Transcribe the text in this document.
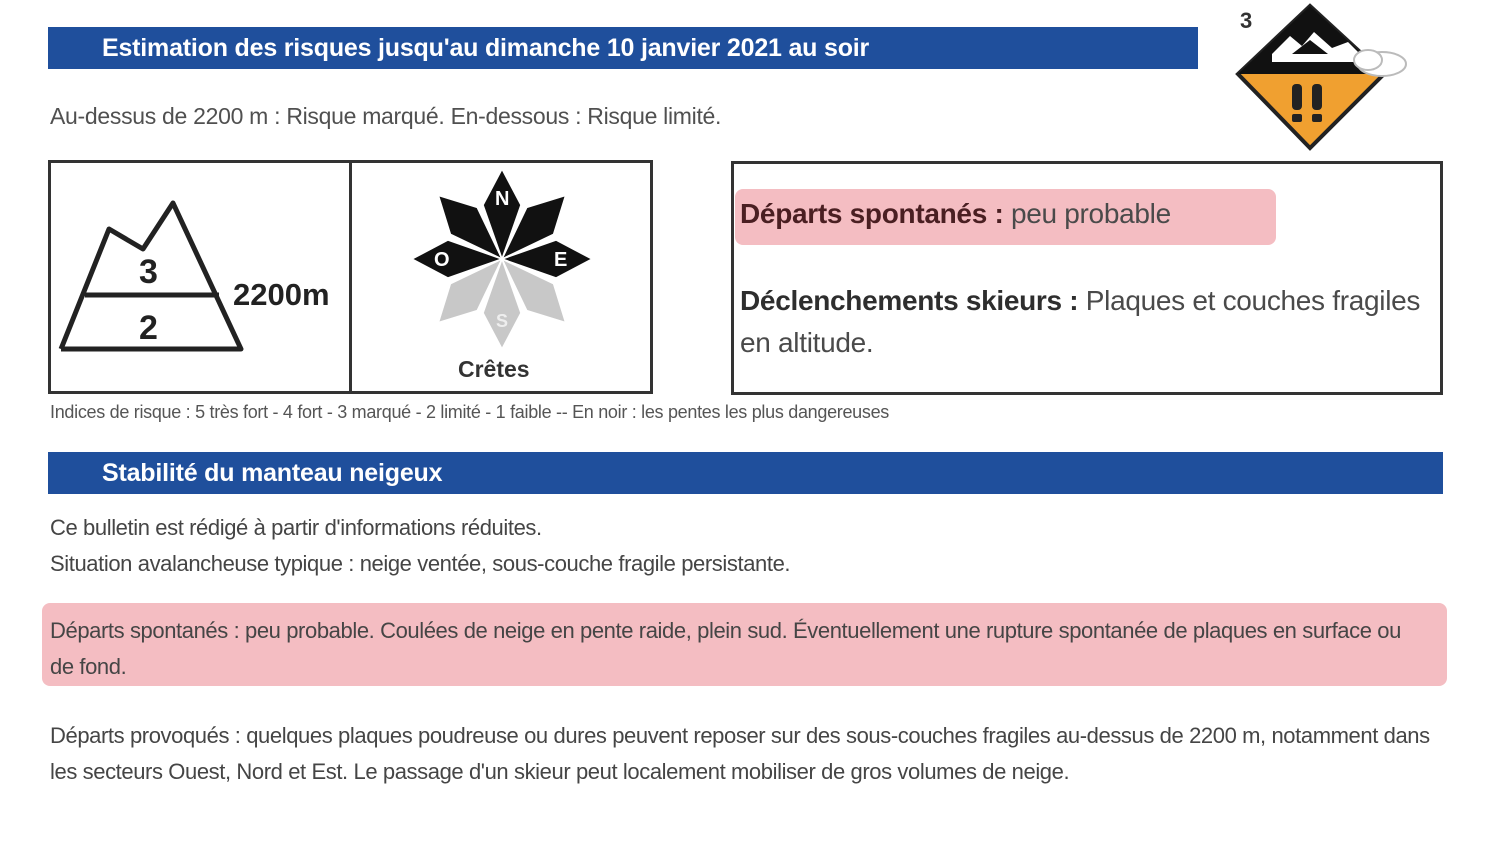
Estimation des risques jusqu'au dimanche 10 janvier 2021 au soir
Au-dessus de 2200 m : Risque marqué. En-dessous : Risque limité.
3
3
2
2200m
N
E
S
O
Crêtes
Départs spontanés : peu probable
Déclenchements skieurs : Plaques et couches fragiles en altitude.
Indices de risque : 5 très fort - 4 fort - 3 marqué - 2 limité - 1 faible -- En noir : les pentes les plus dangereuses
Stabilité du manteau neigeux
Ce bulletin est rédigé à partir d'informations réduites.
Situation avalancheuse typique : neige ventée, sous-couche fragile persistante.
Départs spontanés : peu probable. Coulées de neige en pente raide, plein sud. Éventuellement une rupture spontanée de plaques en surface ou de fond.
Départs provoqués : quelques plaques poudreuse ou dures peuvent reposer sur des sous-couches fragiles au-dessus de 2200 m, notamment dans les secteurs Ouest, Nord et Est. Le passage d'un skieur peut localement mobiliser de gros volumes de neige.
